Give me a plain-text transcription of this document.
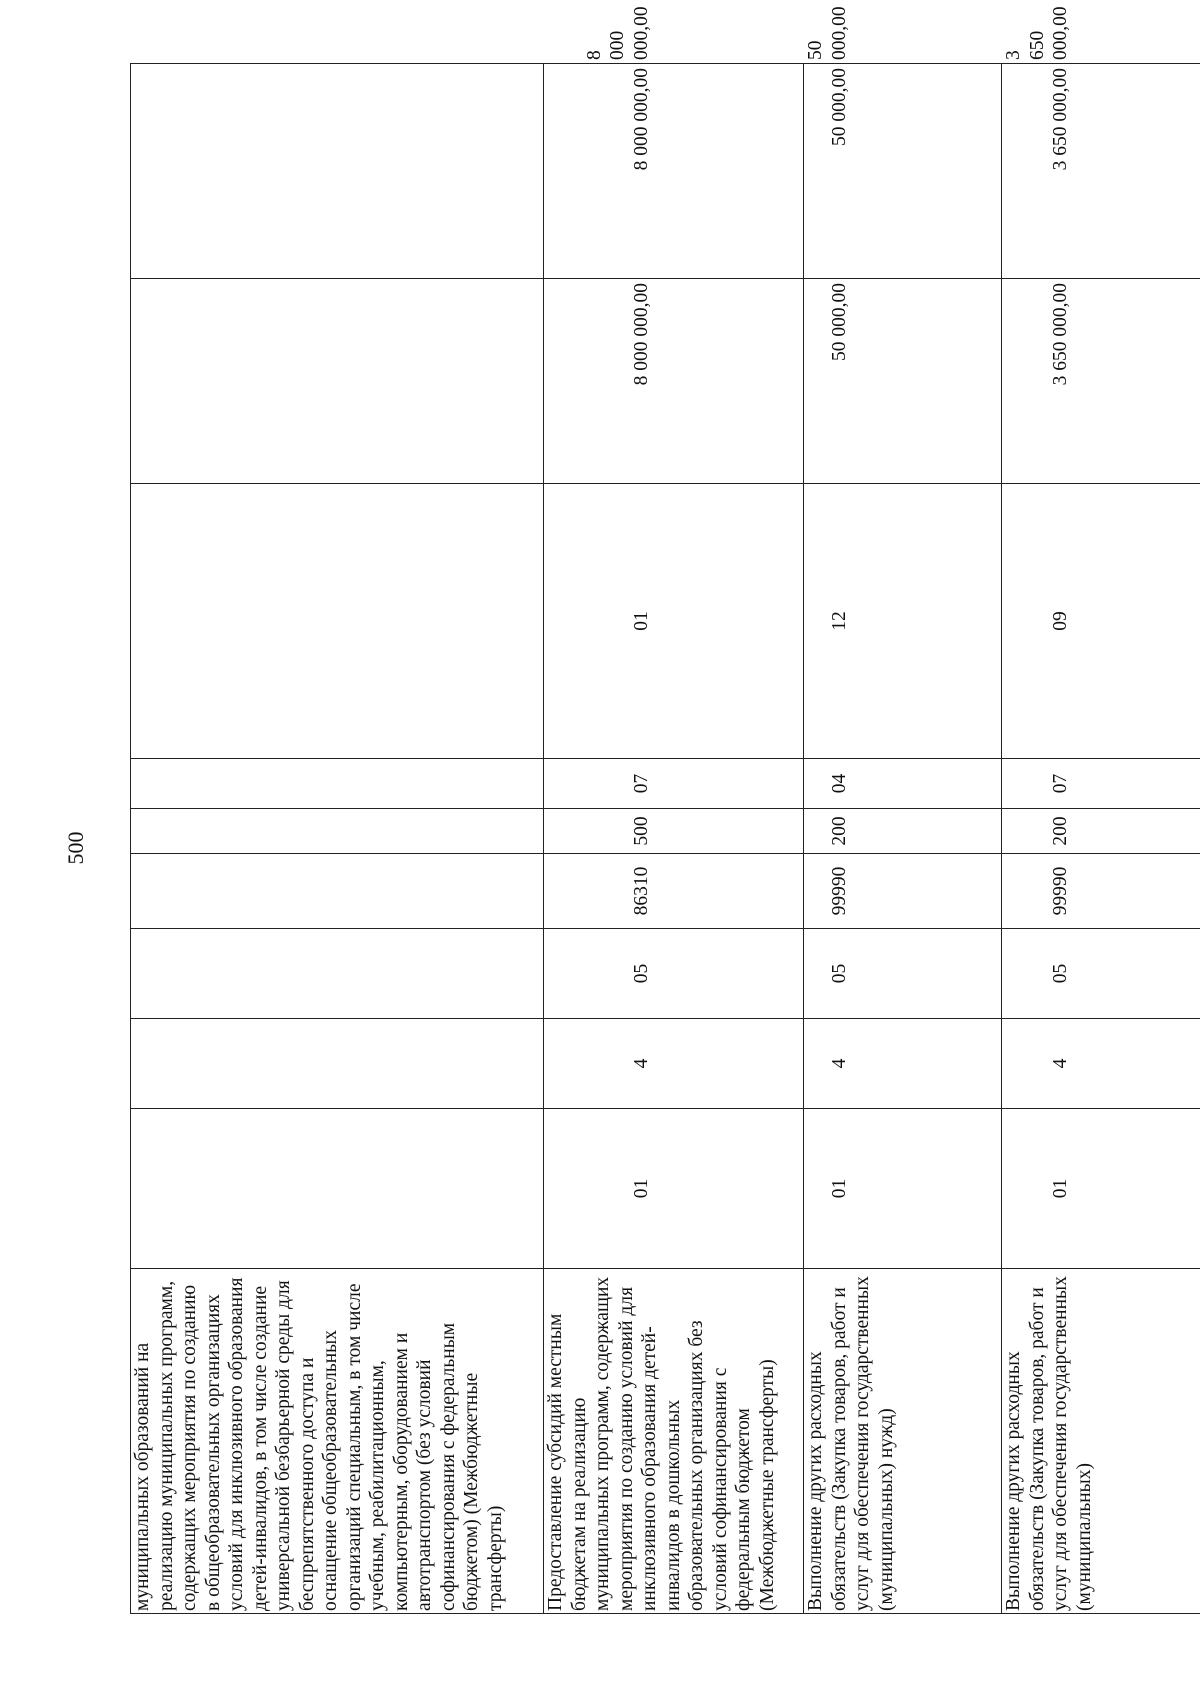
500
муниципальных образований на реализацию муниципальных программ, содержащих мероприятия по созданию в общеобразовательных организациях условий для инклюзивного образования детей-инвалидов, в том числе создание универсальной безбарьерной среды для беспрепятственного доступа и оснащение общеобразовательных организаций специальным, в том числе учебным, реабилитационным, компьютерным, оборудованием и автотранспортом (без условий софинансирования с федеральным бюджетом) (Межбюджетные трансферты)										
Предоставление субсидий местным бюджетам на реализацию муниципальных программ, содержащих мероприятия по созданию условий для инклюзивного образования детей-инвалидов в дошкольных образовательных организациях без условий софинансирования с федеральным бюджетом (Межбюджетные трансферты)	01	4	05	86310	500	07	01	8 000 000,00	8 000 000,00	8 000 000,00
Выполнение других расходных обязательств (Закупка товаров, работ и услуг для обеспечения государственных (муниципальных) нужд)	01	4	05	99990	200	04	12	50 000,00	50 000,00	50 000,00
Выполнение других расходных обязательств (Закупка товаров, работ и услуг для обеспечения государственных (муниципальных)	01	4	05	99990	200	07	09	3 650 000,00	3 650 000,00	3 650 000,00
